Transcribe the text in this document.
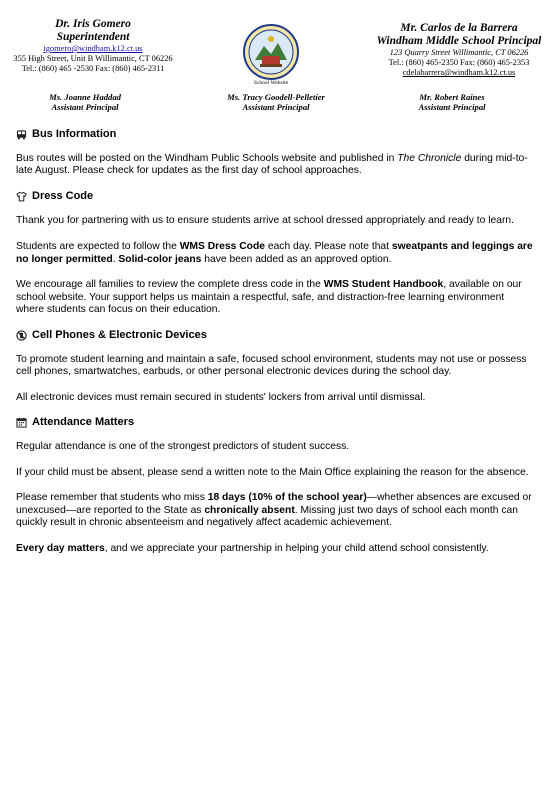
Dr. Iris Gomero
Superintendent
igomero@windham.k12.ct.us
355 High Street, Unit B Willimantic, CT 06226
Tel.: (860) 465 -2530 Fax: (860) 465-2311
School Website
Mr. Carlos de la Barrera
Windham Middle School Principal
123 Quarry Street Willimantic, CT 06226
Tel.: (860) 465-2350 Fax: (860) 465-2353
cdelabarrera@windham.k12.ct.us
Ms. Joanne Haddad
Assistant Principal
Ms. Tracy Goodell-Pelletier
Assistant Principal
Mr. Robert Raines
Assistant Principal
Bus Information

Bus routes will be posted on the Windham Public Schools website and published in The Chronicle during mid-to-late August. Please check for updates as the first day of school approaches.

Dress Code

Thank you for partnering with us to ensure students arrive at school dressed appropriately and ready to learn.

Students are expected to follow the WMS Dress Code each day. Please note that sweatpants and leggings are no longer permitted. Solid-color jeans have been added as an approved option.

We encourage all families to review the complete dress code in the WMS Student Handbook, available on our school website. Your support helps us maintain a respectful, safe, and distraction-free learning environment where students can focus on their education.

Cell Phones & Electronic Devices

To promote student learning and maintain a safe, focused school environment, students may not use or possess cell phones, smartwatches, earbuds, or other personal electronic devices during the school day.

All electronic devices must remain secured in students' lockers from arrival until dismissal.

Attendance Matters

Regular attendance is one of the strongest predictors of student success.

If your child must be absent, please send a written note to the Main Office explaining the reason for the absence.

Please remember that students who miss 18 days (10% of the school year)—whether absences are excused or unexcused—are reported to the State as chronically absent. Missing just two days of school each month can quickly result in chronic absenteeism and negatively affect academic achievement.

Every day matters, and we appreciate your partnership in helping your child attend school consistently.
